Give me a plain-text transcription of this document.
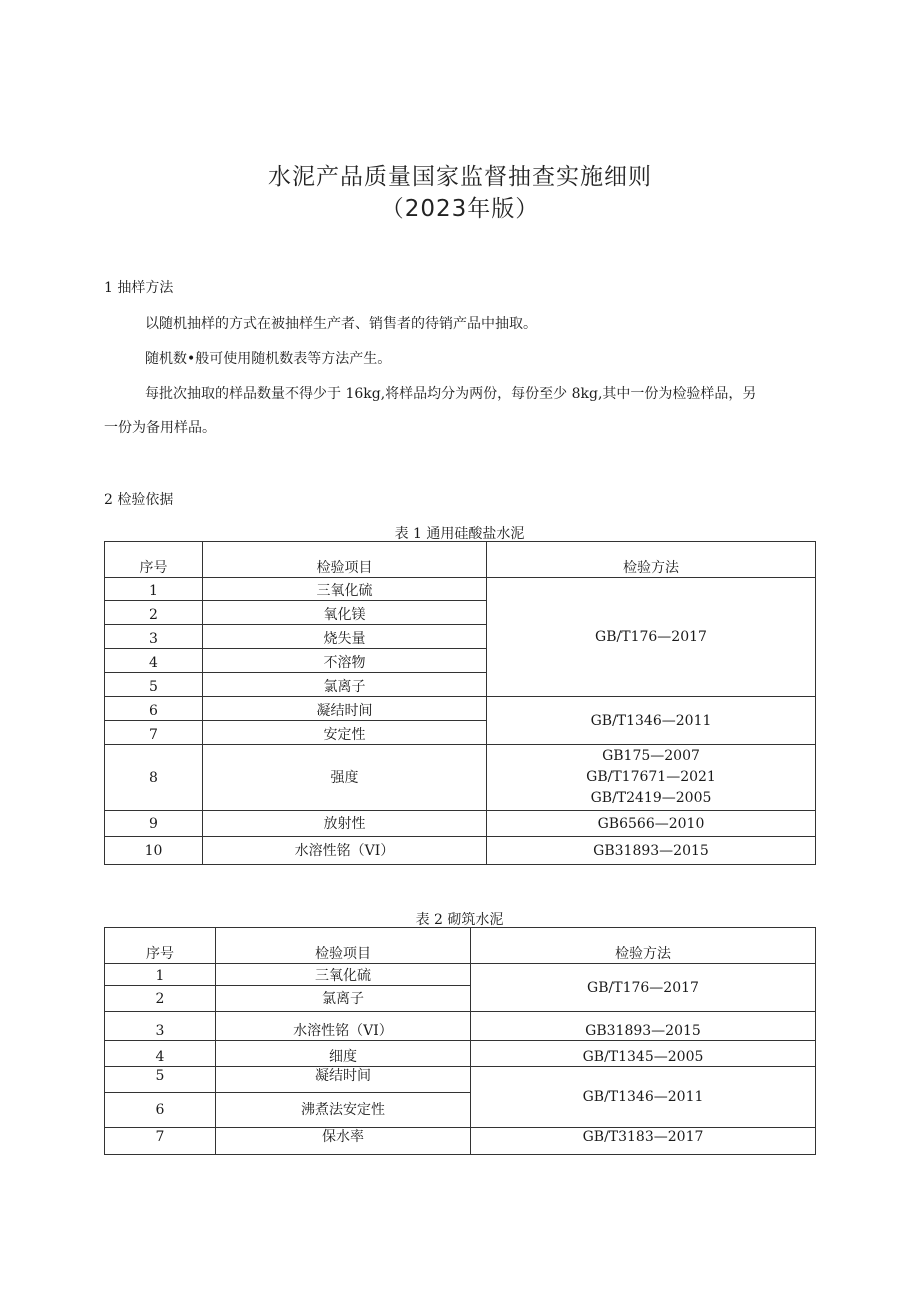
水泥产品质量国家监督抽查实施细则
（2023年版）
1 抽样方法
以随机抽样的方式在被抽样生产者、销售者的待销产品中抽取。
随机数•般可使用随机数表等方法产生。
每批次抽取的样品数量不得少于 16kg,将样品均分为两份，每份至少 8kg,其中一份为检验样品，另
一份为备用样品。
2 检验依据
表 1 通用硅酸盐水泥
序号	检验项目	检验方法
1	三氧化硫	GB/T176—2017
2	氧化镁	
3	烧失量	
4	不溶物	
5	氯离子	
6	凝结时间	GB/T1346—2011
7	安定性	
8	强度	GB175—2007
GB/T17671—2021
GB/T2419—2005

9	放射性	GB6566—2010
10	水溶性铭（VI）	GB31893—2015
表 2 砌筑水泥
序号	检验项目	检验方法
1	三氧化硫	GB/T176—2017
2	氯离子	
3	水溶性铭（VI）	GB31893—2015
4	细度	GB/T1345—2005
5	凝结时间	GB/T1346—2011
6	沸煮法安定性	
7	保水率	GB/T3183—2017
